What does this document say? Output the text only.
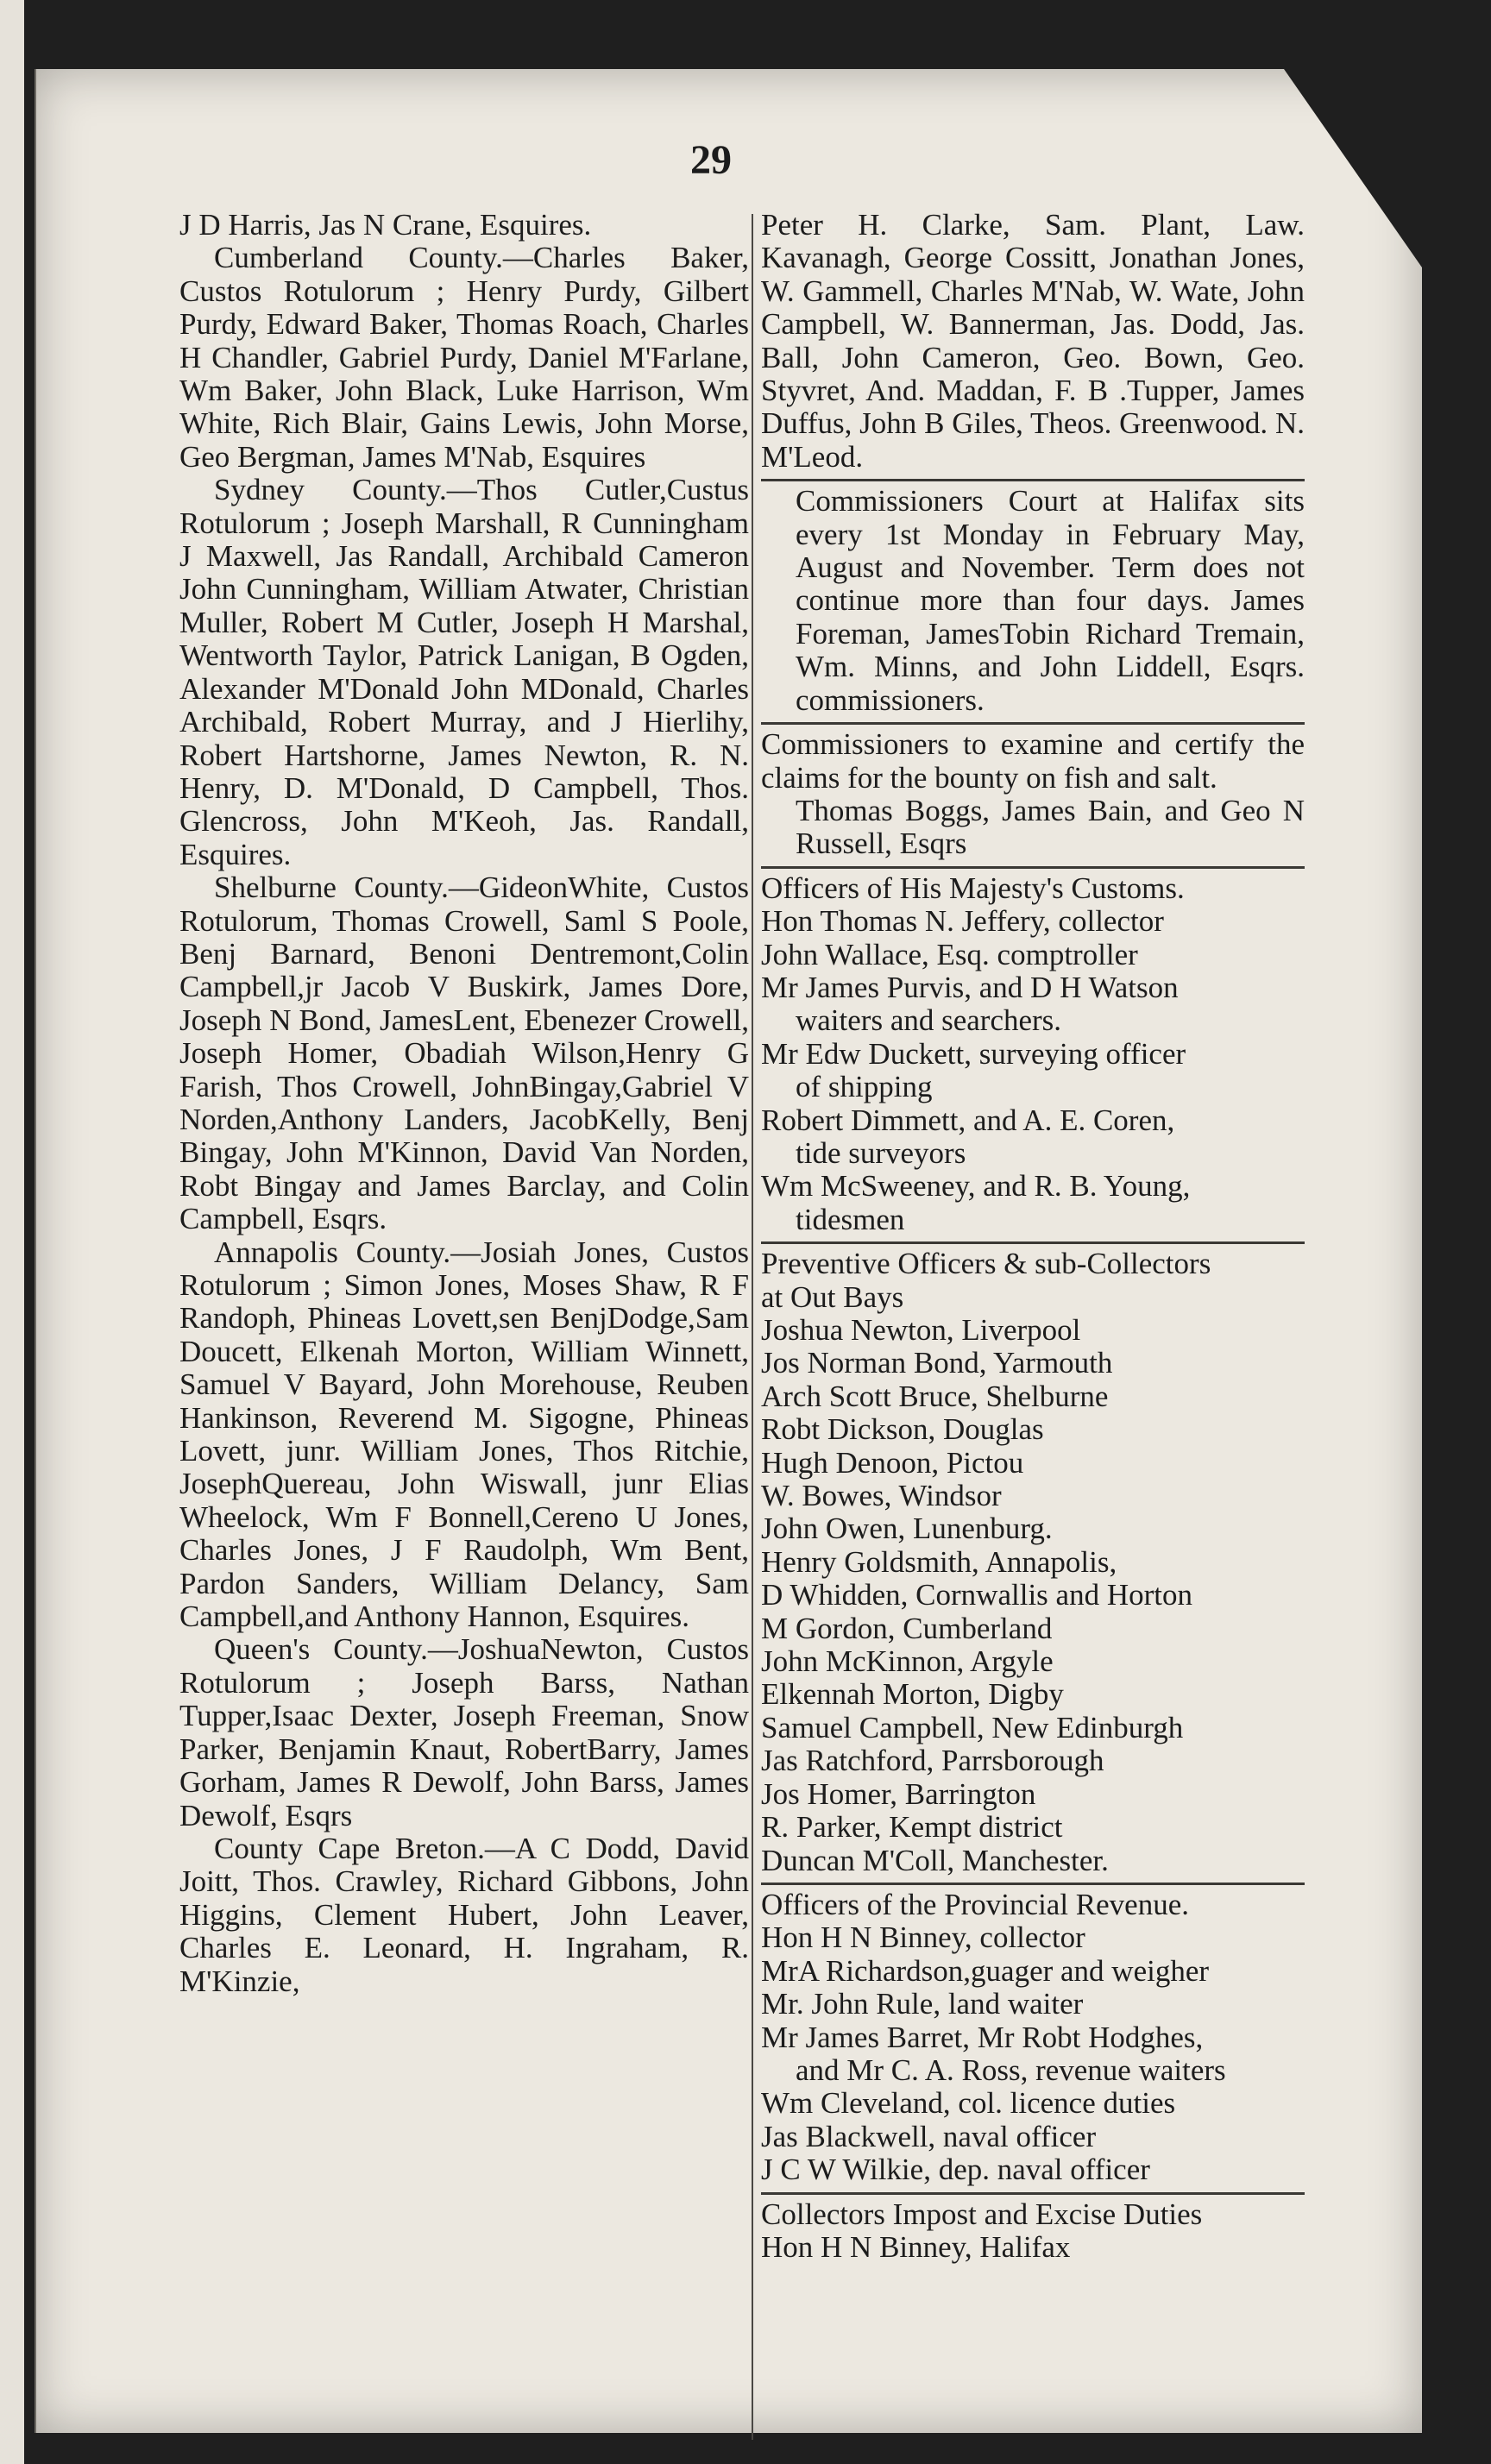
29

J D Harris, Jas N Crane, Esquires.

Cumberland County.—Charles Baker, Custos Rotulorum ; Henry Purdy, Gilbert Purdy, Edward Baker, Thomas Roach, Charles H Chandler, Gabriel Purdy, Daniel M'Farlane, Wm Baker, John Black, Luke Harrison, Wm White, Rich Blair, Gains Lewis, John Morse, Geo Bergman, James M'Nab, Esquires

Sydney County.—Thos Cutler,Custus Rotulorum ; Joseph Marshall, R Cunningham J Maxwell, Jas Randall, Archibald Cameron John Cunningham, William Atwater, Christian Muller, Robert M Cutler, Joseph H Marshal, Wentworth Taylor, Patrick Lanigan, B Ogden, Alexander M'Donald John MDonald, Charles Archibald, Robert Murray, and J Hierlihy, Robert Hartshorne, James Newton, R. N. Henry, D. M'Donald, D Campbell, Thos. Glencross, John M'Keoh, Jas. Randall, Esquires.

Shelburne County.—GideonWhite, Custos Rotulorum, Thomas Crowell, Saml S Poole, Benj Barnard, Benoni Dentremont,Colin Campbell,jr Jacob V Buskirk, James Dore, Joseph N Bond, JamesLent, Ebenezer Crowell, Joseph Homer, Obadiah Wilson,Henry G Farish, Thos Crowell, JohnBingay,Gabriel V Norden,Anthony Landers, JacobKelly, Benj Bingay, John M'Kinnon, David Van Norden, Robt Bingay and James Barclay, and Colin Campbell, Esqrs.

Annapolis County.—Josiah Jones, Custos Rotulorum ; Simon Jones, Moses Shaw, R F Randoph, Phineas Lovett,sen BenjDodge,Sam Doucett, Elkenah Morton, William Winnett, Samuel V Bayard, John Morehouse, Reuben Hankinson, Reverend M. Sigogne, Phineas Lovett, junr. William Jones, Thos Ritchie, JosephQuereau, John Wiswall, junr Elias Wheelock, Wm F Bonnell,Cereno U Jones, Charles Jones, J F Raudolph, Wm Bent, Pardon Sanders, William Delancy, Sam Campbell,and Anthony Hannon, Esquires.

Queen's County.—JoshuaNewton, Custos Rotulorum ; Joseph Barss, Nathan Tupper,Isaac Dexter, Joseph Freeman, Snow Parker, Benjamin Knaut, RobertBarry, James Gorham, James R Dewolf, John Barss, James Dewolf, Esqrs

County Cape Breton.—A C Dodd, David Joitt, Thos. Crawley, Richard Gibbons, John Higgins, Clement Hubert, John Leaver, Charles E. Leonard, H. Ingraham, R. M'Kinzie,

Peter H. Clarke, Sam. Plant, Law. Kavanagh, George Cossitt, Jonathan Jones, W. Gammell, Charles M'Nab, W. Wate, John Campbell, W. Bannerman, Jas. Dodd, Jas. Ball, John Cameron, Geo. Bown, Geo. Styvret, And. Maddan, F. B .Tupper, James Duffus, John B Giles, Theos. Greenwood. N. M'Leod.

Commissioners Court at Halifax sits every 1st Monday in February May, August and November. Term does not continue more than four days. James Foreman, JamesTobin Richard Tremain, Wm. Minns, and John Liddell, Esqrs. commissioners.

Commissioners to examine and certify the claims for the bounty on fish and salt.

Thomas Boggs, James Bain, and Geo N Russell, Esqrs

Officers of His Majesty's Customs.

Hon Thomas N. Jeffery, collector

John Wallace, Esq. comptroller

Mr James Purvis, and D H Watson

waiters and searchers.

Mr Edw Duckett, surveying officer

of shipping

Robert Dimmett, and A. E. Coren,

tide surveyors

Wm McSweeney, and R. B. Young,

tidesmen

Preventive Officers & sub-Collectors

at Out Bays

Joshua Newton, Liverpool

Jos Norman Bond, Yarmouth

Arch Scott Bruce, Shelburne

Robt Dickson, Douglas

Hugh Denoon, Pictou

W. Bowes, Windsor

John Owen, Lunenburg.

Henry Goldsmith, Annapolis,

D Whidden, Cornwallis and Horton

M Gordon, Cumberland

John McKinnon, Argyle

Elkennah Morton, Digby

Samuel Campbell, New Edinburgh

Jas Ratchford, Parrsborough

Jos Homer, Barrington

R. Parker, Kempt district

Duncan M'Coll, Manchester.

Officers of the Provincial Revenue.

Hon H N Binney, collector

MrA Richardson,guager and weigher

Mr. John Rule, land waiter

Mr James Barret, Mr Robt Hodghes,

and Mr C. A. Ross, revenue waiters

Wm Cleveland, col. licence duties

Jas Blackwell, naval officer

J C W Wilkie, dep. naval officer

Collectors Impost and Excise Duties

Hon H N Binney, Halifax
